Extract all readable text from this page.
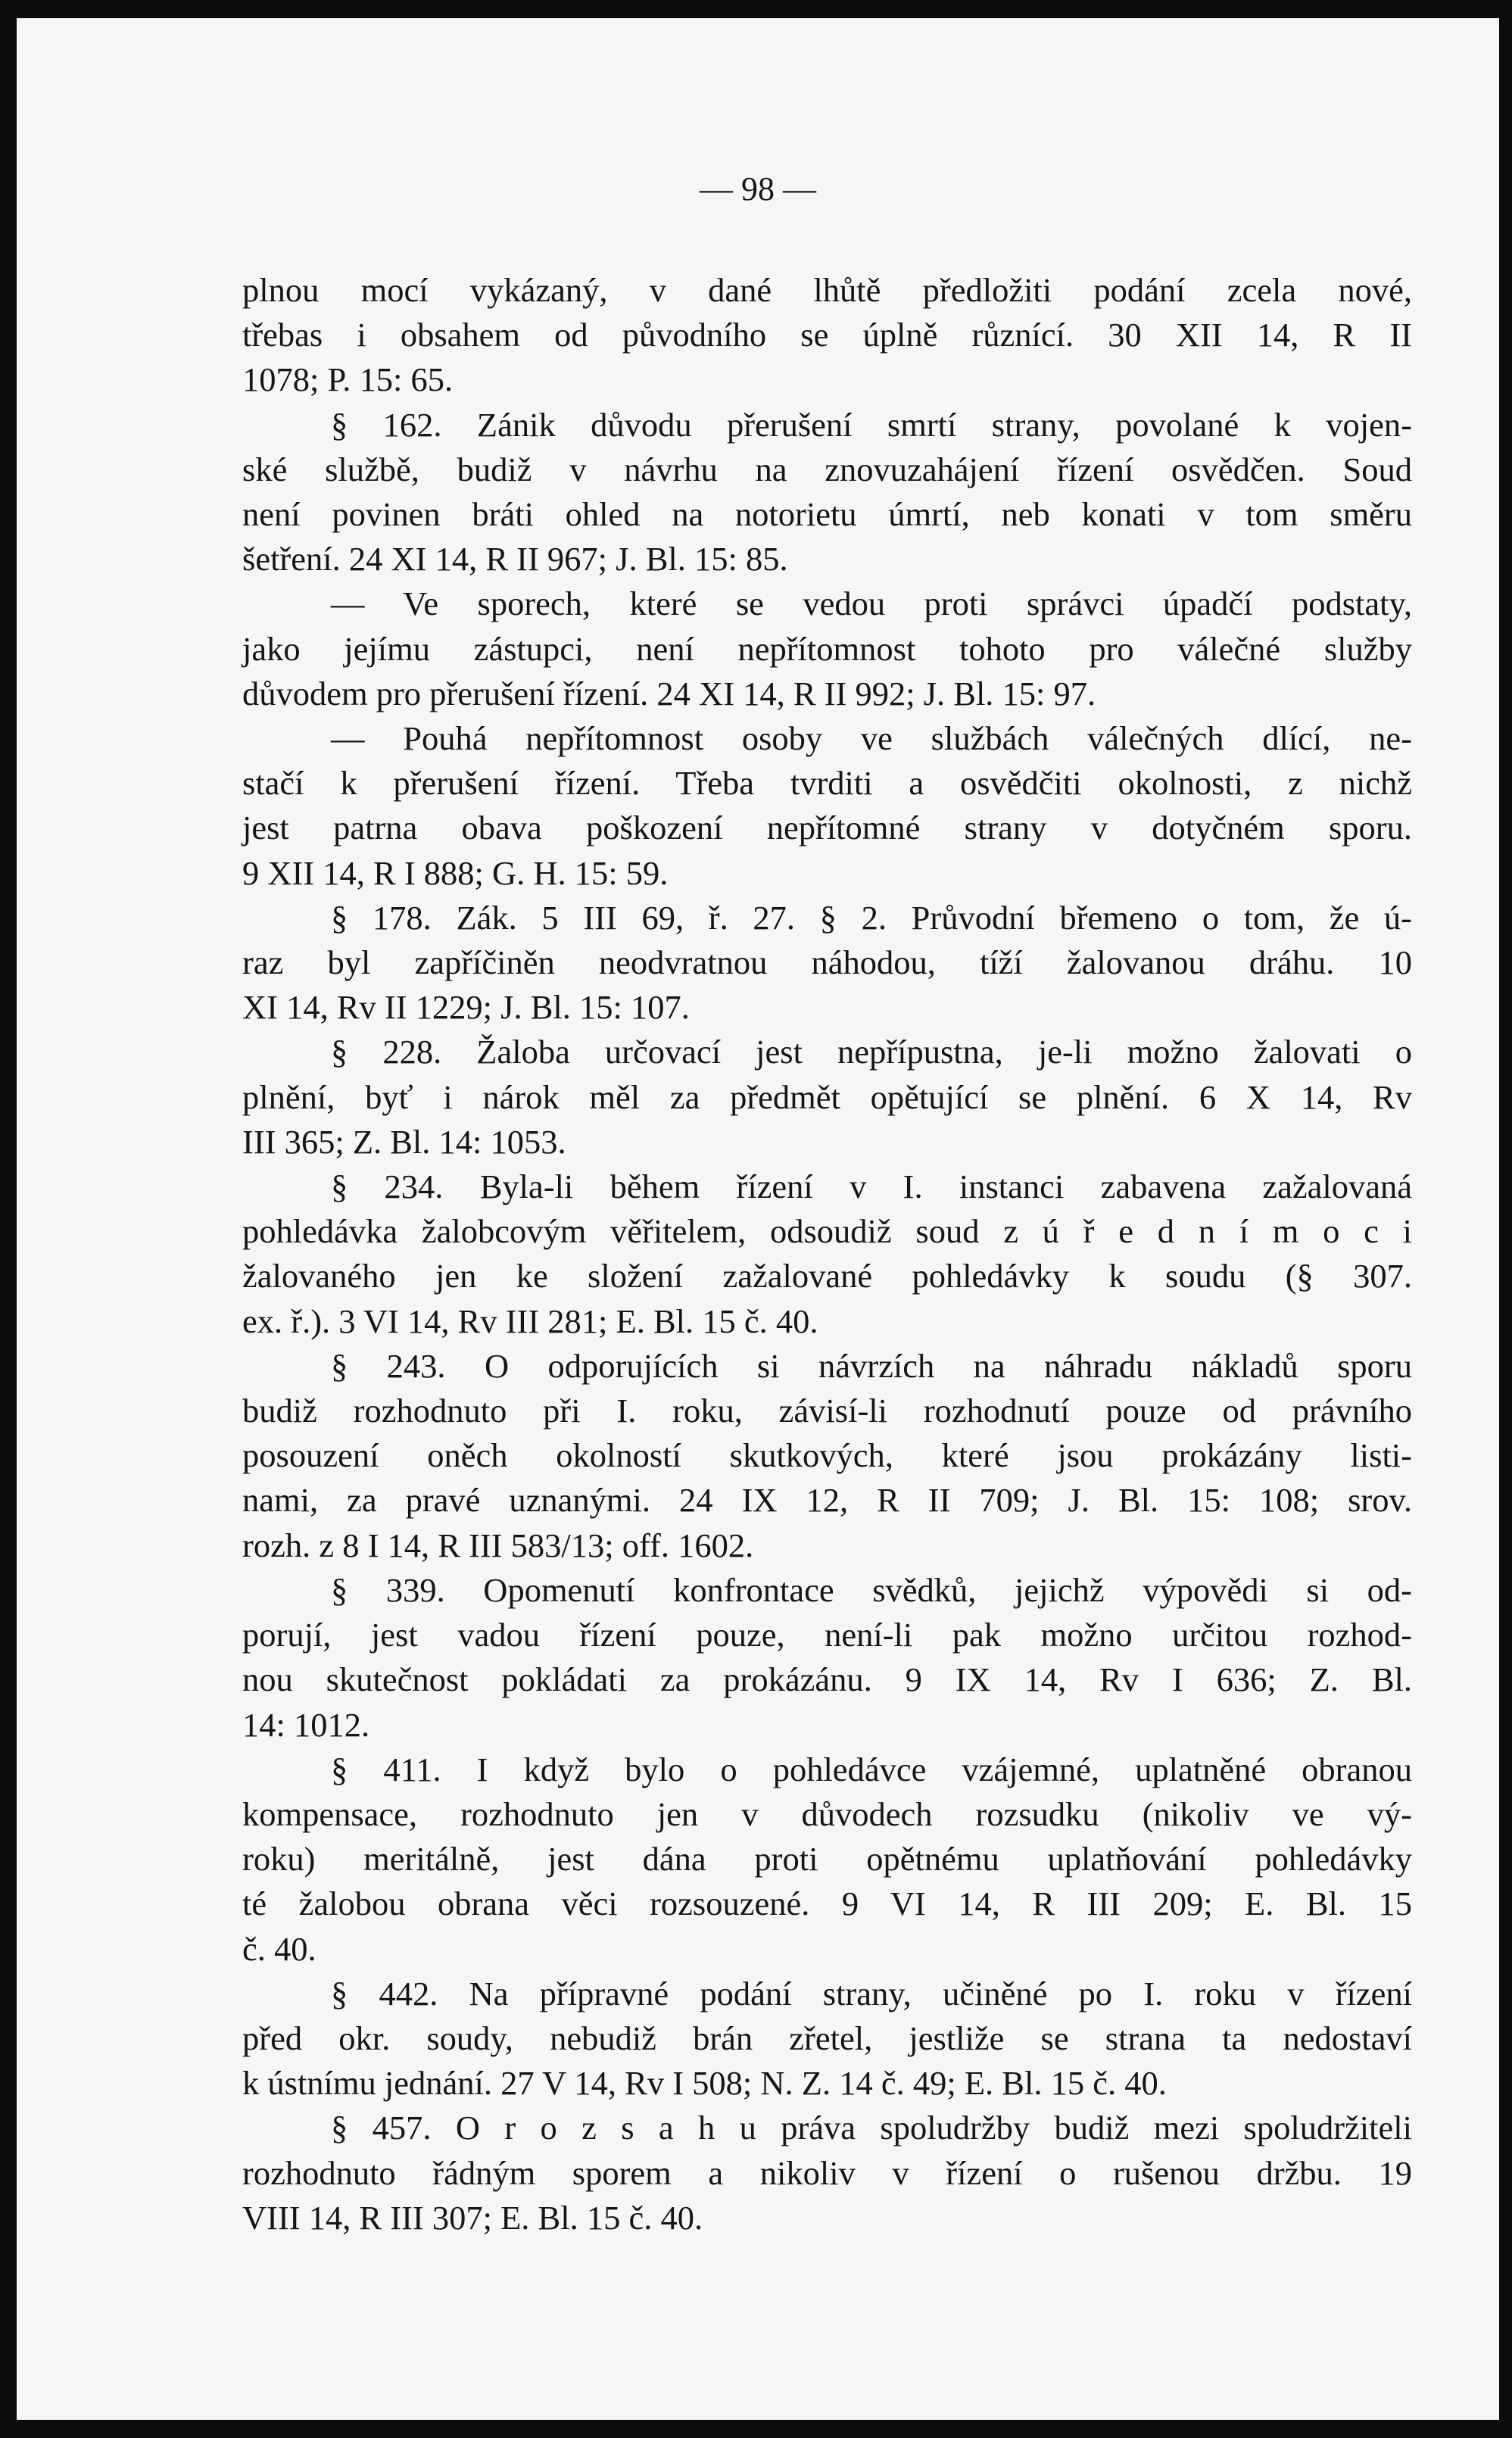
— 98 —
plnou mocí vykázaný, v dané lhůtě předložiti podání zcela nové,
třebas i obsahem od původního se úplně různící. 30 XII 14, R II
1078; P. 15: 65.
§ 162. Zánik důvodu přerušení smrtí strany, povolané k vojen-
ské službě, budiž v návrhu na znovuzahájení řízení osvědčen. Soud
není povinen bráti ohled na notorietu úmrtí, neb konati v tom směru
šetření. 24 XI 14, R II 967; J. Bl. 15: 85.
— Ve sporech, které se vedou proti správci úpadčí podstaty,
jako jejímu zástupci, není nepřítomnost tohoto pro válečné služby
důvodem pro přerušení řízení. 24 XI 14, R II 992; J. Bl. 15: 97.
— Pouhá nepřítomnost osoby ve službách válečných dlící, ne-
stačí k přerušení řízení. Třeba tvrditi a osvědčiti okolnosti, z nichž
jest patrna obava poškození nepřítomné strany v dotyčném sporu.
9 XII 14, R I 888; G. H. 15: 59.
§ 178. Zák. 5 III 69, ř. 27. § 2. Průvodní břemeno o tom, že ú-
raz byl zapříčiněn neodvratnou náhodou, tíží žalovanou dráhu. 10
XI 14, Rv II 1229; J. Bl. 15: 107.
§ 228. Žaloba určovací jest nepřípustna, je-li možno žalovati o
plnění, byť i nárok měl za předmět opětující se plnění. 6 X 14, Rv
III 365; Z. Bl. 14: 1053.
§ 234. Byla-li během řízení v I. instanci zabavena zažalovaná
pohledávka žalobcovým věřitelem, odsoudiž soud z ú ř e d n í m o c i
žalovaného jen ke složení zažalované pohledávky k soudu (§ 307.
ex. ř.). 3 VI 14, Rv III 281; E. Bl. 15 č. 40.
§ 243. O odporujících si návrzích na náhradu nákladů sporu
budiž rozhodnuto při I. roku, závisí-li rozhodnutí pouze od právního
posouzení oněch okolností skutkových, které jsou prokázány listi-
nami, za pravé uznanými. 24 IX 12, R II 709; J. Bl. 15: 108; srov.
rozh. z 8 I 14, R III 583/13; off. 1602.
§ 339. Opomenutí konfrontace svědků, jejichž výpovědi si od-
porují, jest vadou řízení pouze, není-li pak možno určitou rozhod-
nou skutečnost pokládati za prokázánu. 9 IX 14, Rv I 636; Z. Bl.
14: 1012.
§ 411. I když bylo o pohledávce vzájemné, uplatněné obranou
kompensace, rozhodnuto jen v důvodech rozsudku (nikoliv ve vý-
roku) meritálně, jest dána proti opětnému uplatňování pohledávky
té žalobou obrana věci rozsouzené. 9 VI 14, R III 209; E. Bl. 15
č. 40.
§ 442. Na přípravné podání strany, učiněné po I. roku v řízení
před okr. soudy, nebudiž brán zřetel, jestliže se strana ta nedostaví
k ústnímu jednání. 27 V 14, Rv I 508; N. Z. 14 č. 49; E. Bl. 15 č. 40.
§ 457. O r o z s a h u práva spoludržby budiž mezi spoludržiteli
rozhodnuto řádným sporem a nikoliv v řízení o rušenou držbu. 19
VIII 14, R III 307; E. Bl. 15 č. 40.
